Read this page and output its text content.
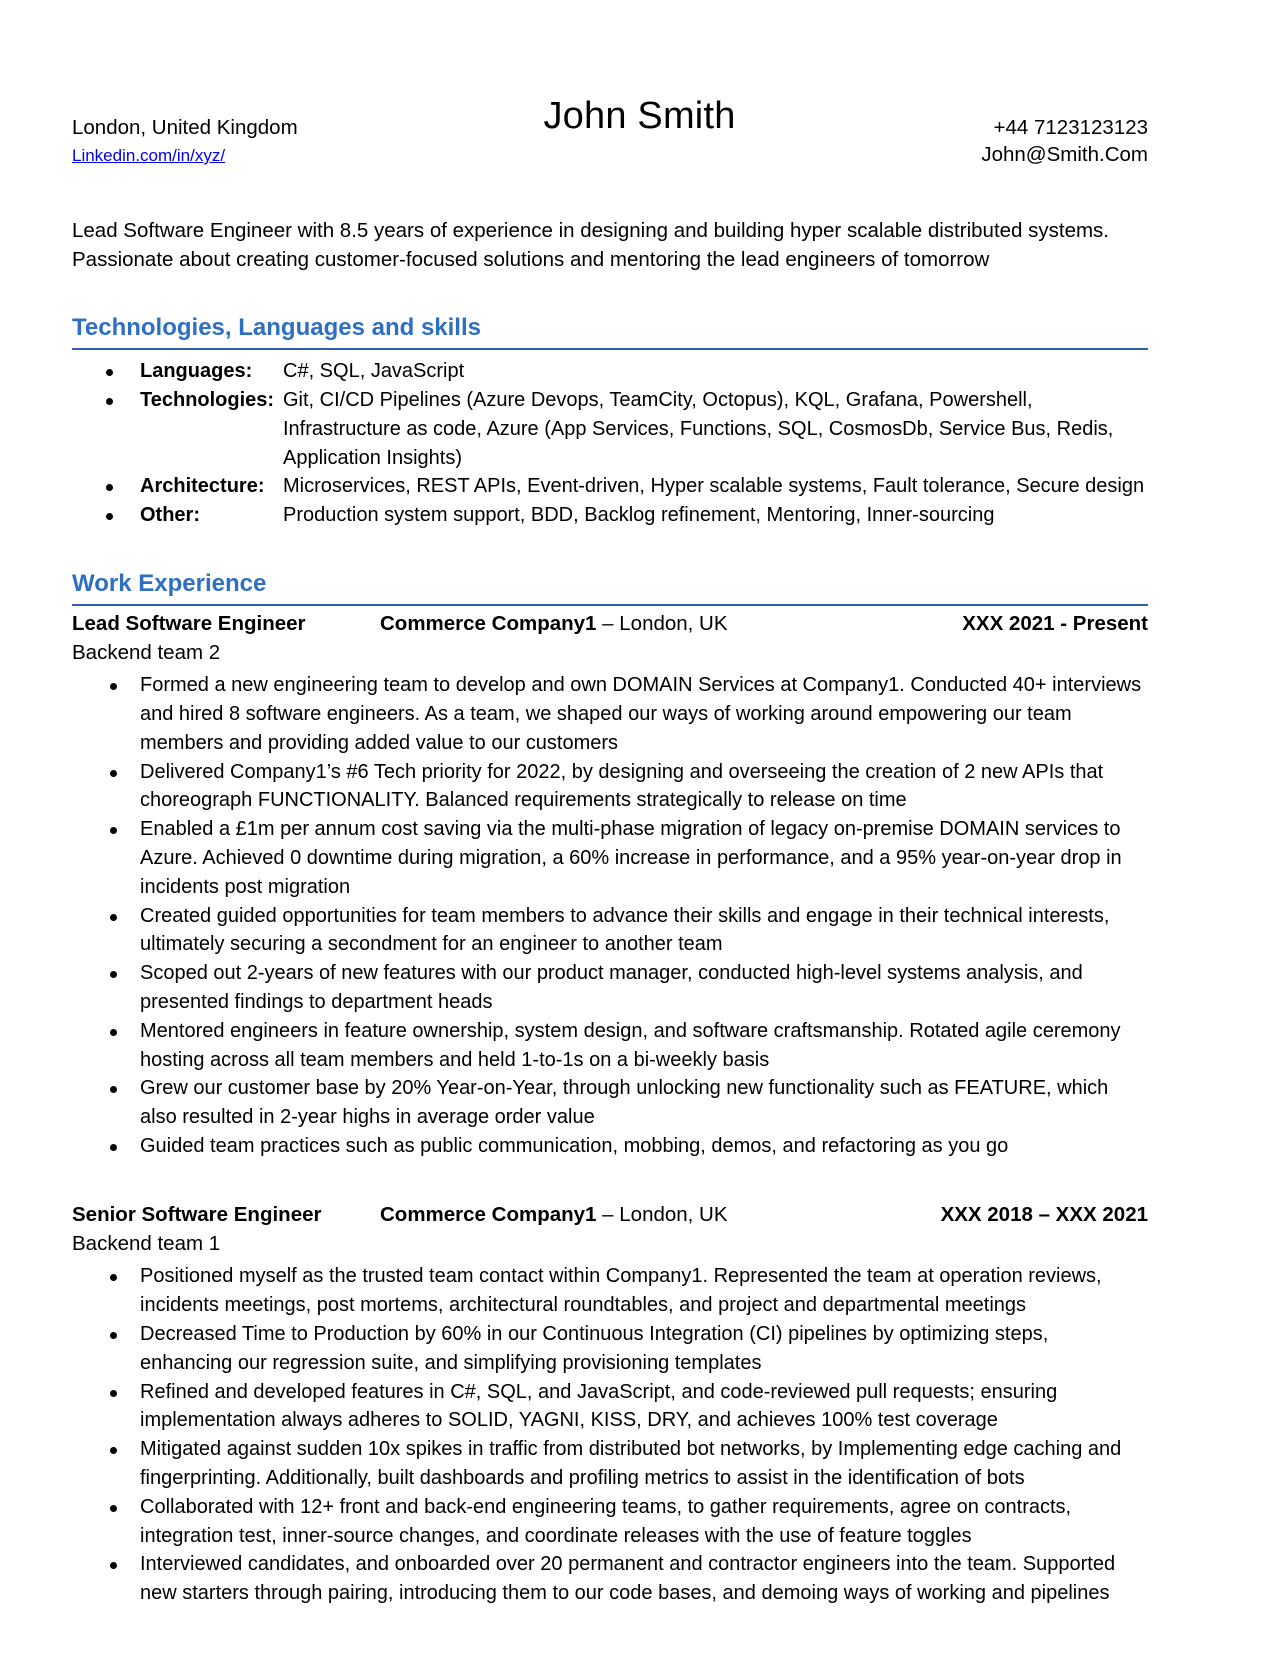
London, United Kingdom
Linkedin.com/in/xyz/
John Smith	+44 7123123123
John@Smith.Com
Lead Software Engineer with 8.5 years of experience in designing and building hyper scalable distributed systems.
Passionate about creating customer-focused solutions and mentoring the lead engineers of tomorrow
Technologies, Languages and skills
Languages:	C#, SQL, JavaScript
Technologies: Git, CI/CD Pipelines (Azure Devops, TeamCity, Octopus), KQL, Grafana, Powershell, Infrastructure as code, Azure (App Services, Functions, SQL, CosmosDb, Service Bus, Redis, Application Insights)
Architecture: Microservices, REST APIs, Event-driven, Hyper scalable systems, Fault tolerance, Secure design
Other:	Production system support, BDD, Backlog refinement, Mentoring, Inner-sourcing
Work Experience
Lead Software Engineer	Commerce Company1 – London, UK	XXX 2021 - Present
Backend team 2
Formed a new engineering team to develop and own DOMAIN Services at Company1. Conducted 40+ interviews and hired 8 software engineers. As a team, we shaped our ways of working around empowering our team members and providing added value to our customers
Delivered Company1’s #6 Tech priority for 2022, by designing and overseeing the creation of 2 new APIs that choreograph FUNCTIONALITY. Balanced requirements strategically to release on time
Enabled a £1m per annum cost saving via the multi-phase migration of legacy on-premise DOMAIN services to Azure. Achieved 0 downtime during migration, a 60% increase in performance, and a 95% year-on-year drop in incidents post migration
Created guided opportunities for team members to advance their skills and engage in their technical interests, ultimately securing a secondment for an engineer to another team
Scoped out 2-years of new features with our product manager, conducted high-level systems analysis, and presented findings to department heads
Mentored engineers in feature ownership, system design, and software craftsmanship. Rotated agile ceremony hosting across all team members and held 1-to-1s on a bi-weekly basis
Grew our customer base by 20% Year-on-Year, through unlocking new functionality such as FEATURE, which also resulted in 2-year highs in average order value
Guided team practices such as public communication, mobbing, demos, and refactoring as you go
Senior Software Engineer	Commerce Company1 – London, UK	XXX 2018 – XXX 2021
Backend team 1
Positioned myself as the trusted team contact within Company1. Represented the team at operation reviews, incidents meetings, post mortems, architectural roundtables, and project and departmental meetings
Decreased Time to Production by 60% in our Continuous Integration (CI) pipelines by optimizing steps, enhancing our regression suite, and simplifying provisioning templates
Refined and developed features in C#, SQL, and JavaScript, and code-reviewed pull requests; ensuring implementation always adheres to SOLID, YAGNI, KISS, DRY, and achieves 100% test coverage
Mitigated against sudden 10x spikes in traffic from distributed bot networks, by Implementing edge caching and fingerprinting. Additionally, built dashboards and profiling metrics to assist in the identification of bots
Collaborated with 12+ front and back-end engineering teams, to gather requirements, agree on contracts, integration test, inner-source changes, and coordinate releases with the use of feature toggles
Interviewed candidates, and onboarded over 20 permanent and contractor engineers into the team. Supported new starters through pairing, introducing them to our code bases, and demoing ways of working and pipelines
